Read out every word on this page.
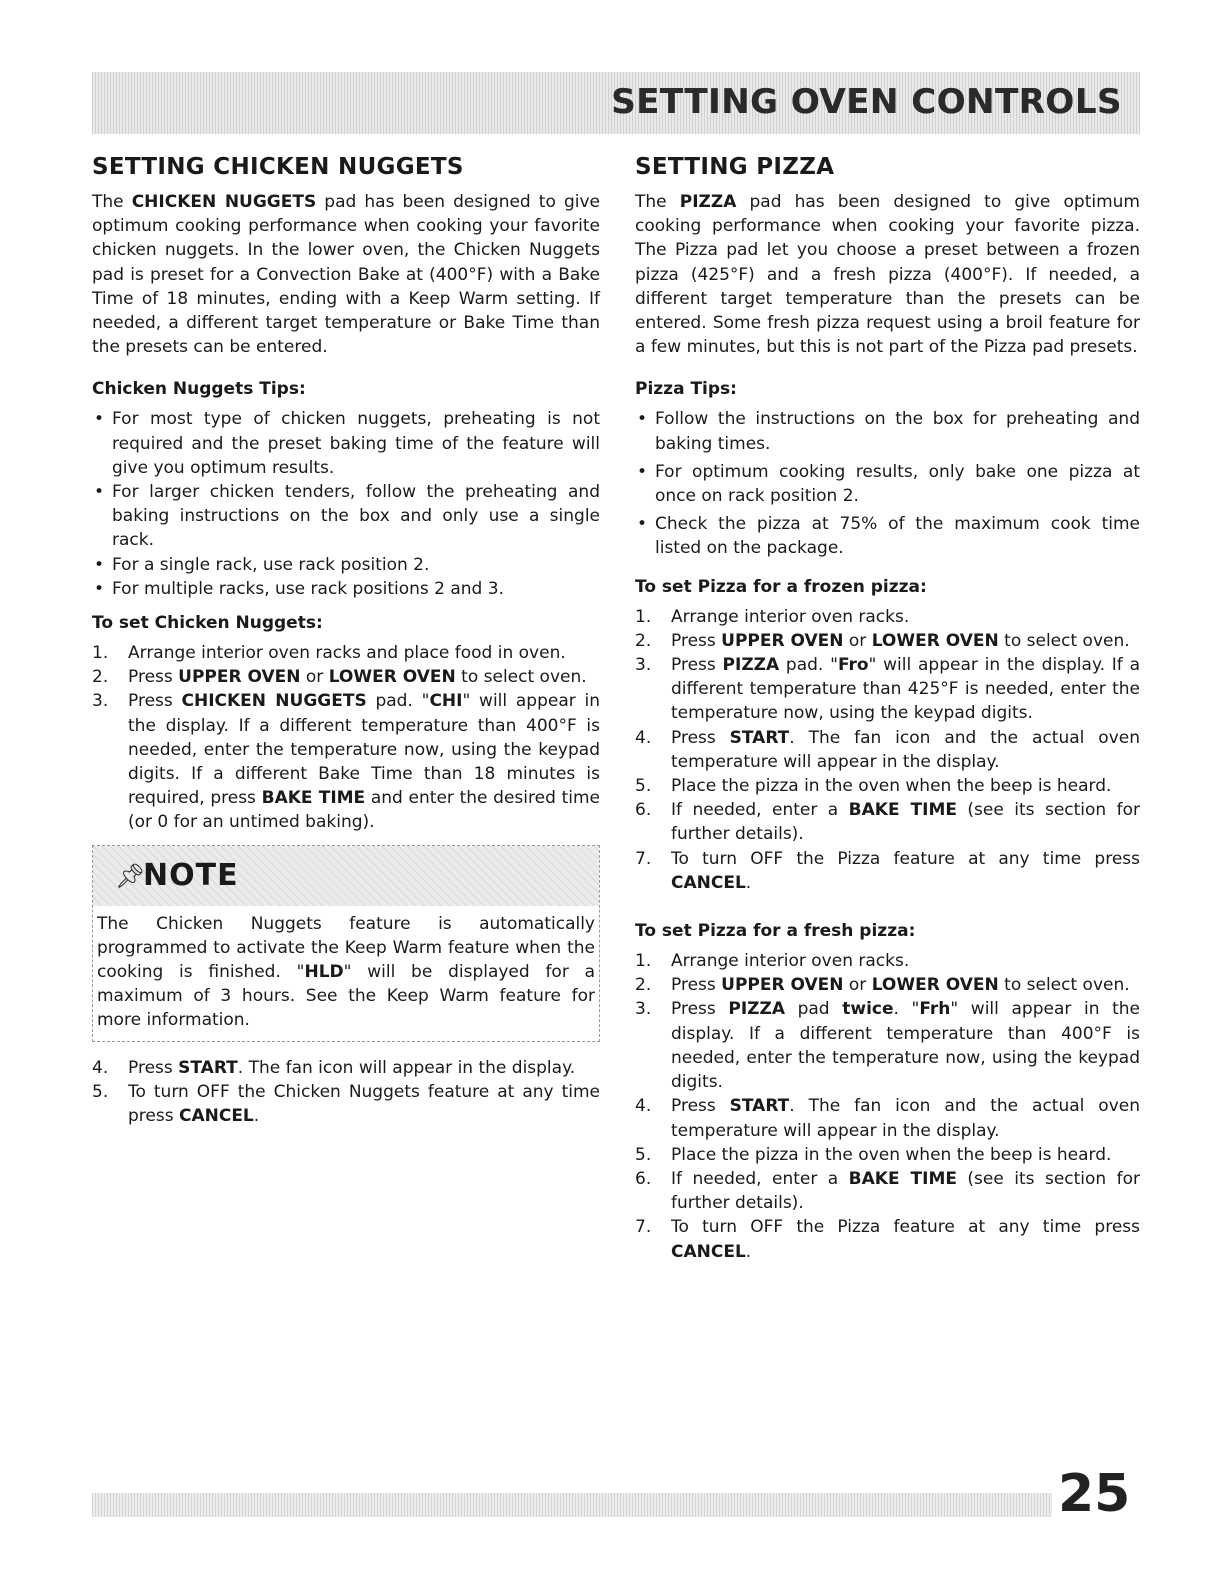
SETTING OVEN CONTROLS
SETTING CHICKEN NUGGETS

The CHICKEN NUGGETS pad has been designed to give optimum cooking performance when cooking your favorite chicken nuggets. In the lower oven, the Chicken Nuggets pad is preset for a Convection Bake at (400°F) with a Bake Time of 18 minutes, ending with a Keep Warm setting. If needed, a different target temperature or Bake Time than the presets can be entered.

Chicken Nuggets Tips:
• For most type of chicken nuggets, preheating is not required and the preset baking time of the feature will give you optimum results.
• For larger chicken tenders, follow the preheating and baking instructions on the box and only use a single rack.
• For a single rack, use rack position 2.
• For multiple racks, use rack positions 2 and 3.
To set Chicken Nuggets:
1. Arrange interior oven racks and place food in oven.
2. Press UPPER OVEN or LOWER OVEN to select oven.
3. Press CHICKEN NUGGETS pad. "CHI" will appear in the display. If a different temperature than 400°F is needed, enter the temperature now, using the keypad digits. If a different Bake Time than 18 minutes is required, press BAKE TIME and enter the desired time (or 0 for an untimed baking).
📌︎
NOTE
The Chicken Nuggets feature is automatically programmed to activate the Keep Warm feature when the cooking is finished. "HLD" will be displayed for a maximum of 3 hours. See the Keep Warm feature for more information.
4. Press START. The fan icon will appear in the display.
5. To turn OFF the Chicken Nuggets feature at any time press CANCEL.
SETTING PIZZA

The PIZZA pad has been designed to give optimum cooking performance when cooking your favorite pizza. The Pizza pad let you choose a preset between a frozen pizza (425°F) and a fresh pizza (400°F). If needed, a different target temperature than the presets can be entered. Some fresh pizza request using a broil feature for a few minutes, but this is not part of the Pizza pad presets.

Pizza Tips:
• Follow the instructions on the box for preheating and baking times.
• For optimum cooking results, only bake one pizza at once on rack position 2.
• Check the pizza at 75% of the maximum cook time listed on the package.
To set Pizza for a frozen pizza:
1. Arrange interior oven racks.
2. Press UPPER OVEN or LOWER OVEN to select oven.
3. Press PIZZA pad. "Fro" will appear in the display. If a different temperature than 425°F is needed, enter the temperature now, using the keypad digits.
4. Press START. The fan icon and the actual oven temperature will appear in the display.
5. Place the pizza in the oven when the beep is heard.
6. If needed, enter a BAKE TIME (see its section for further details).
7. To turn OFF the Pizza feature at any time press CANCEL.
To set Pizza for a fresh pizza:
1. Arrange interior oven racks.
2. Press UPPER OVEN or LOWER OVEN to select oven.
3. Press PIZZA pad twice. "Frh" will appear in the display. If a different temperature than 400°F is needed, enter the temperature now, using the keypad digits.
4. Press START. The fan icon and the actual oven temperature will appear in the display.
5. Place the pizza in the oven when the beep is heard.
6. If needed, enter a BAKE TIME (see its section for further details).
7. To turn OFF the Pizza feature at any time press CANCEL.
25
